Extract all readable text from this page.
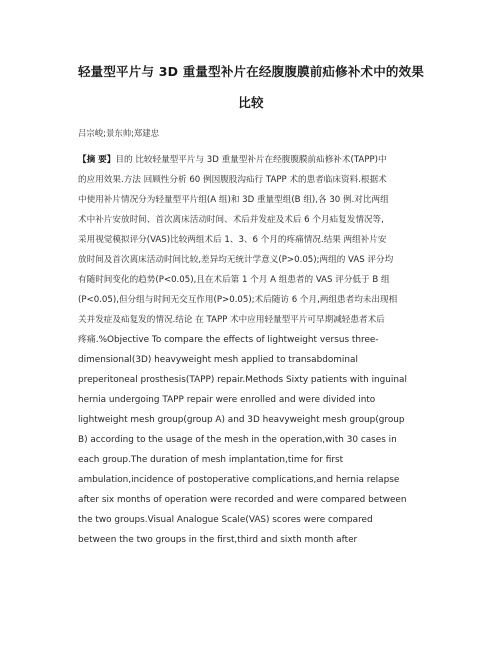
轻量型平片与 3D 重量型补片在经腹腹膜前疝修补术中的效果
比较
吕宗峻;景东帅;郑建忠
【摘 要】目的 比较轻量型平片与 3D 重量型补片在经腹腹膜前疝修补术(TAPP)中
的应用效果.方法 回顾性分析 60 例因腹股沟疝行 TAPP 术的患者临床资料.根据术
中使用补片情况分为轻量型平片组(A 组)和 3D 重量型组(B 组),各 30 例.对比两组
术中补片安放时间、首次离床活动时间、术后并发症及术后 6 个月疝复发情况等,
采用视觉模拟评分(VAS)比较两组术后 1、3、6 个月的疼痛情况.结果 两组补片安
放时间及首次离床活动时间比较,差异均无统计学意义(P>0.05);两组的 VAS 评分均
有随时间变化的趋势(P<0.05),且在术后第 1 个月 A 组患者的 VAS 评分低于 B 组
(P<0.05),但分组与时间无交互作用(P>0.05);术后随访 6 个月,两组患者均未出现相
关并发症及疝复发的情况.结论 在 TAPP 术中应用轻量型平片可早期减轻患者术后
疼痛.%Objective To compare the effects of lightweight versus three-
dimensional(3D) heavyweight mesh applied to transabdominal
preperitoneal prosthesis(TAPP) repair.Methods Sixty patients with inguinal
hernia undergoing TAPP repair were enrolled and were divided into
lightweight mesh group(group A) and 3D heavyweight mesh group(group
B) according to the usage of the mesh in the operation,with 30 cases in
each group.The duration of mesh implantation,time for first
ambulation,incidence of postoperative complications,and hernia relapse
after six months of operation were recorded and were compared between
the two groups.Visual Analogue Scale(VAS) scores were compared
between the two groups in the first,third and sixth month after
